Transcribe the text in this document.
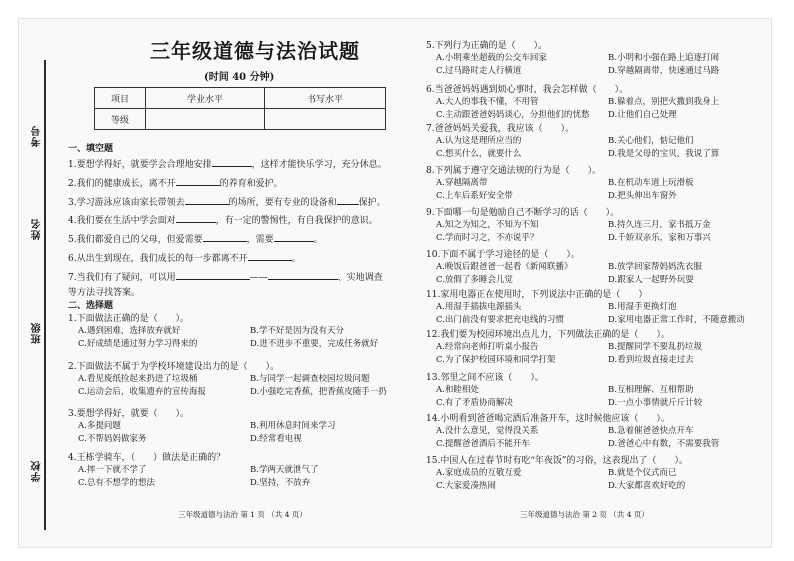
考号
姓名
班级
学校
三年级道德与法治试题
(时间 40 分钟)
项目	学业水平	书写水平
等级		
一、填空题
1.要想学得好，就要学会合理地安排	，这样才能快乐学习，充分休息。
2.我们的健康成长，离不开	的养育和爱护。
3.学习游泳应该由家长带领去	的场所，要有专业的设备和 保护。
4.我们要在生活中学会面对	，有一定的警惕性，有自我保护的意识。
5.我们都爱自己的父母，但爱需要	，需要	。
6.从出生到现在，我们成长的每一步都离不开	。
7.当我们有了疑问，可以用	——	、实地调查
等方法寻找答案。
二、选择题
1.下面做法正确的是（　　）。
A.遇到困难，选择放弃就好	B.学不好是因为没有天分
C.好成绩是通过努力学习得来的	D.进不进步不重要，完成任务就好
2.下面做法不属于为学校环境建设出力的是（　　）。
A.看见废纸捡起来扔进了垃圾桶	B.与同学一起调查校园垃圾问题
C.运动会后，收集遗弃的宣传海报	D.小强吃完香蕉，把香蕉皮随手一扔
3.要想学得好，就要（　　）。
A.多提问题	B.利用休息时间来学习
C.不帮妈妈做家务	D.经常看电视
4.王栋学骑车，（　　）做法是正确的？
A.摔一下就不学了	B.学两天就泄气了
C.总有不想学的想法	D.坚持，不放弃
5.下列行为正确的是（　　）。
A.小明乘坐超载的公交车回家	B.小明和小强在路上追逐打闹
C.过马路时走人行横道	D.穿越隔离带，快速通过马路
6.当爸爸妈妈遇到烦心事时，我会怎样做（　　）。
A.大人的事我不懂，不用管	B.躲着点，别把火撒到我身上
C.主动跟爸爸妈妈谈心，分担他们的忧愁 D.让他们自己处理
7.爸爸妈妈关爱我，我应该（　　）。
A.认为这是理所应当的	B.关心他们，惦记他们
C.想买什么，就要什么	D.我是父母的宝贝，我说了算
8.下列属于遵守交通法规的行为是（　　）。
A.穿越隔离带	B.在机动车道上玩滑板
C.上车后系好安全带	D.把头伸出车窗外
9.下面哪一句是勉励自己不断学习的话（　　）。
A.知之为知之，不知为不知	B.持久连三月，家书抵万金
C.学而时习之，不亦说乎？	D.千娇双亲乐，家和万事兴
10.下面不属于学习途径的是（　　）。
A.晚饭后跟爸爸一起看《新闻联播》	B.放学回家帮妈妈洗衣服
C.放假了多睡会儿觉	D.跟家人一起野外玩耍
11.家用电器正在使用时，下列说法中正确的是（　　）
A.用湿手插拔电源插头	B.用湿手更换灯泡
C.出门前没有要求把充电线的习惯	D.家用电器正常工作时，不随意搬动
12.我们要为校园环境出点儿力，下列做法正确的是（　　）。
A.经常向老师打听桌小报告	B.提醒同学不要乱扔垃圾
C.为了保护校园环境和同学打架	D.看到垃圾直接走过去
13.邻里之间不应该（　　）。
A.和睦相处	B.互相理解、互相帮助
C.有了矛盾协商解决	D.一点小事情就斤斤计较
14.小明看到爸爸喝完酒后准备开车，这时候他应该（　　）。
A.没什么意见，觉得没关系	B.急着催爸爸快点开车
C.提醒爸爸酒后不能开车	D.爸爸心中有数，不需要我管
15.中国人在过春节时有吃“年夜饭”的习俗，这表现出了（　　）。
A.家庭成员的互敬互爱	B.就是个仪式而已
C.大家爱凑热闹	D.大家都喜欢好吃的
三年级道德与法治 第 1 页 （共 4 页）	三年级道德与法治 第 2 页 （共 4 页）
